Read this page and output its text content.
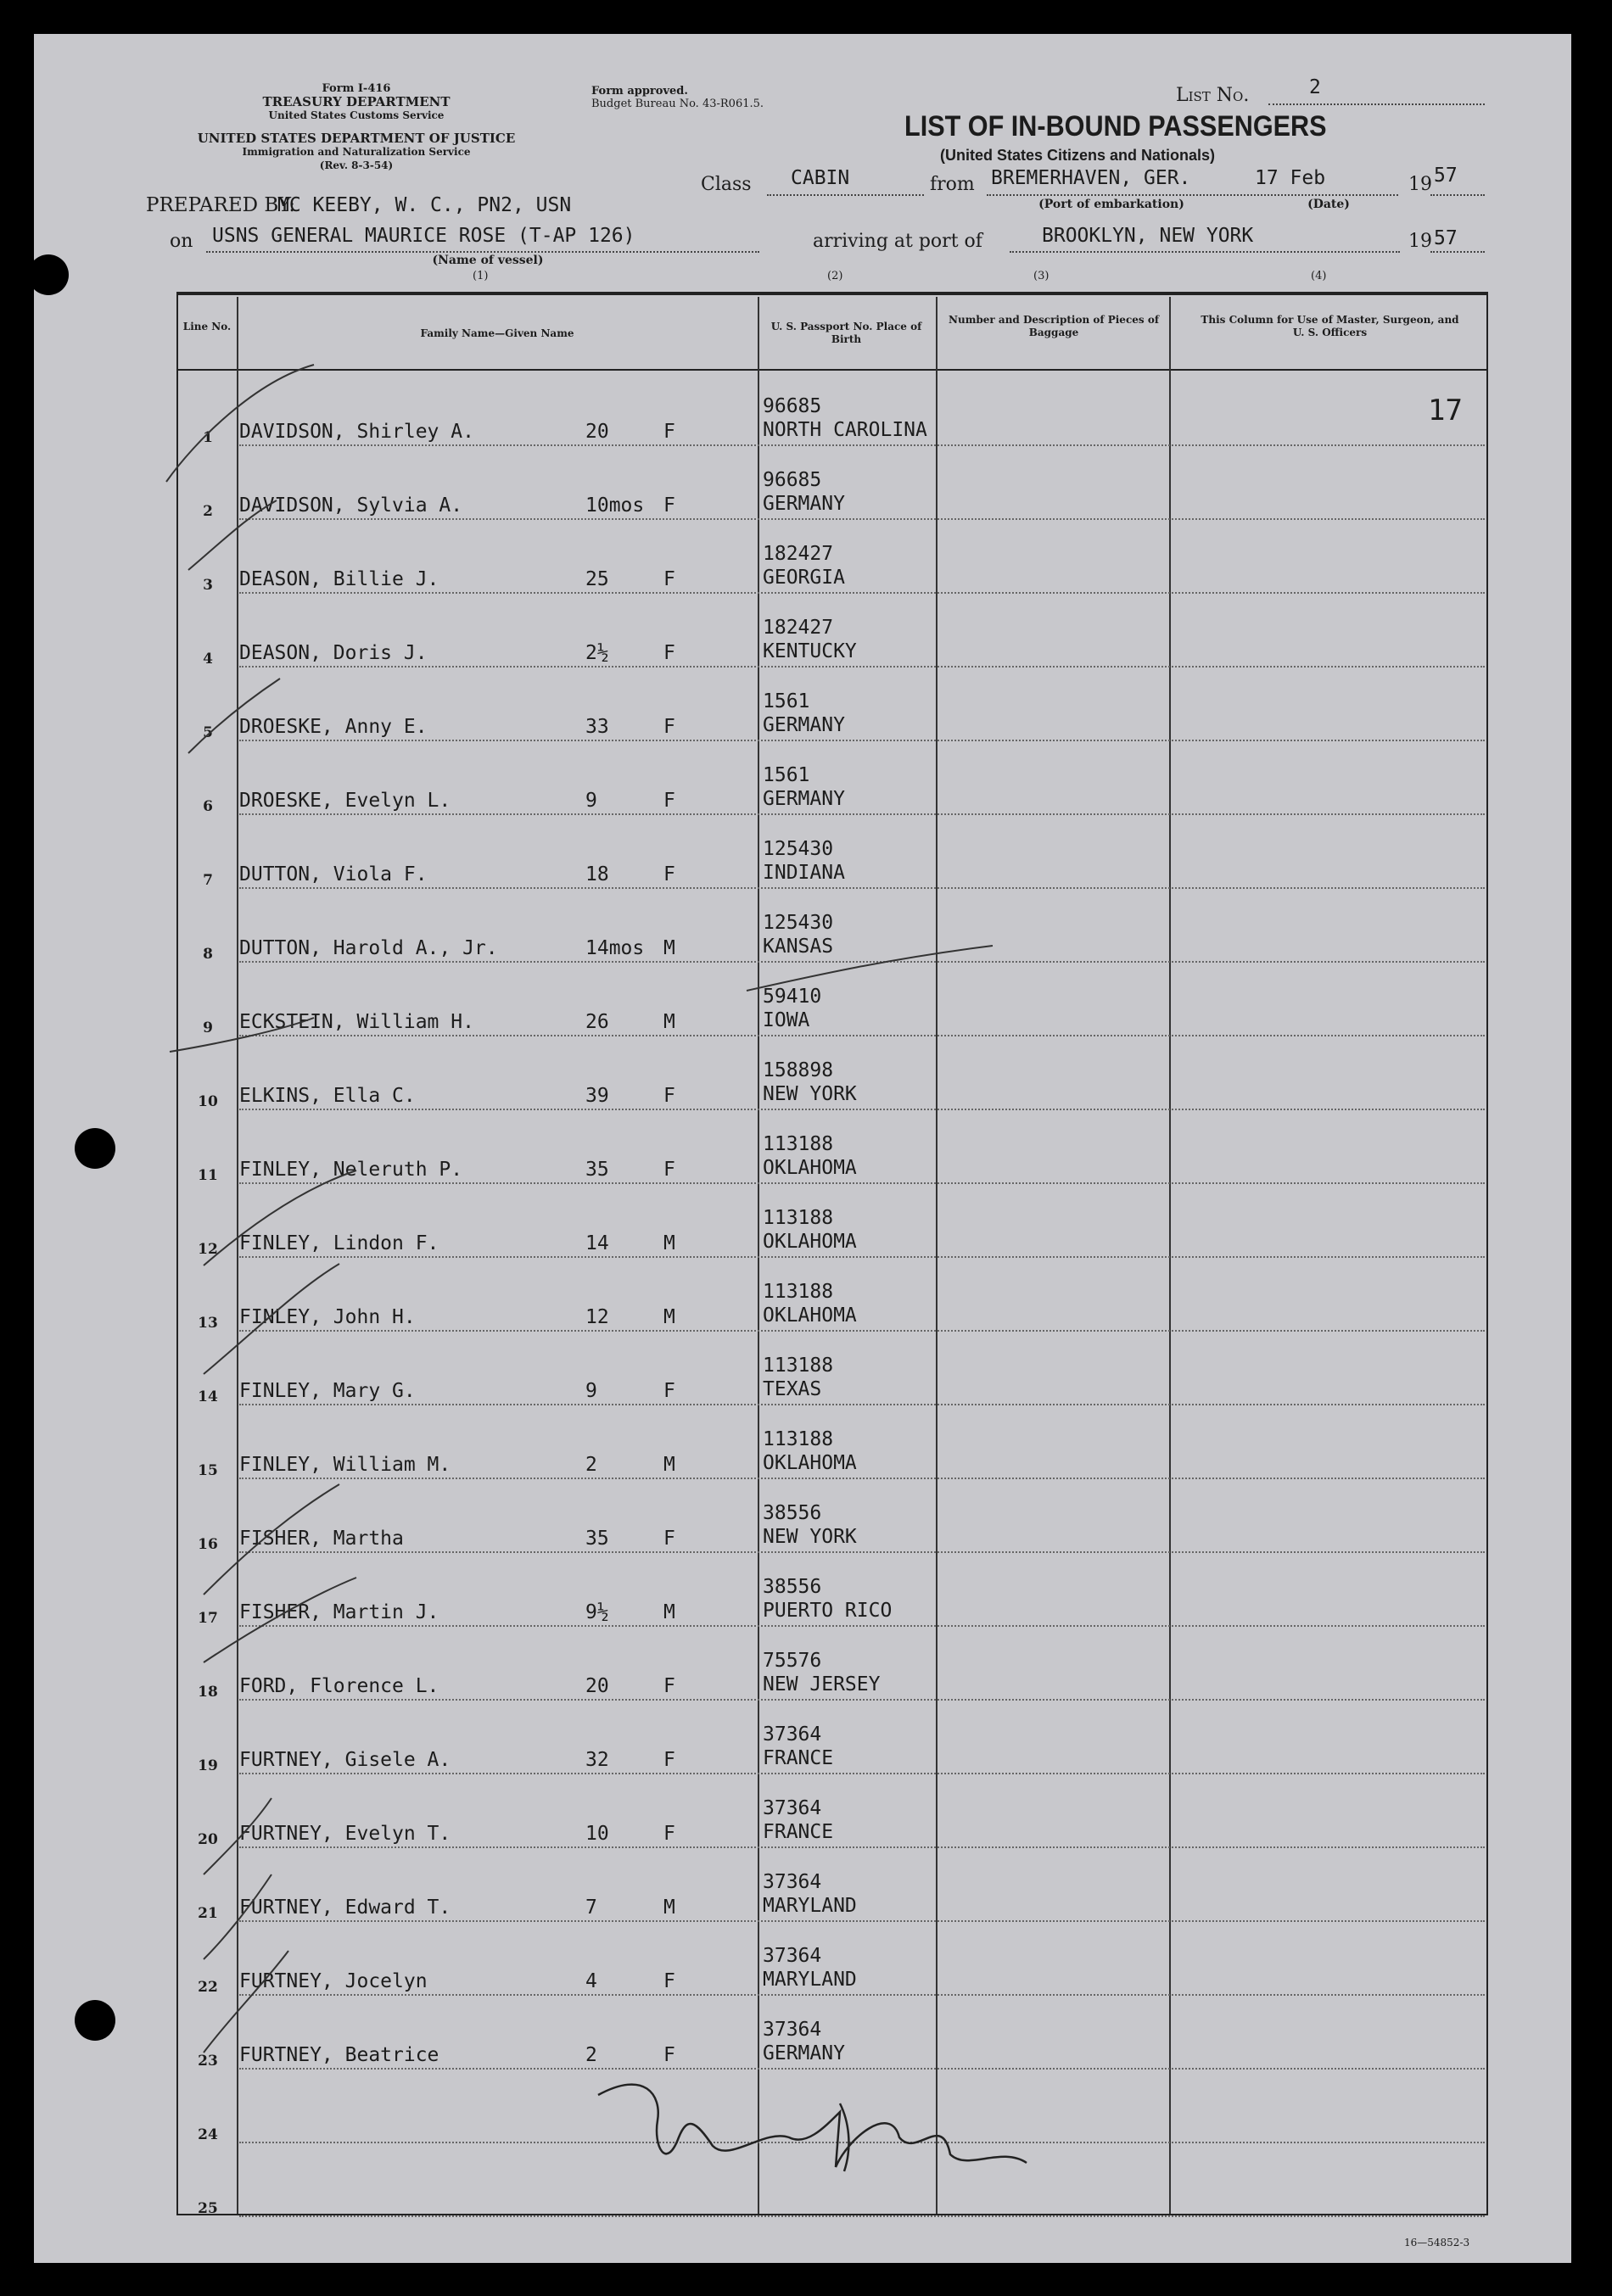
Form I-416
TREASURY DEPARTMENT
United States Customs Service
UNITED STATES DEPARTMENT OF JUSTICE
Immigration and Naturalization Service
(Rev. 8-3-54)
Form approved.
Budget Bureau No. 43-R061.5.	List No.	2
LIST OF IN-BOUND PASSENGERS
(United States Citizens and Nationals)
PREPARED BY:
MC KEEBY, W. C., PN2, USN
Class CABIN	from BREMERHAVEN, GER.	17 Feb
(Port of embarkation)	(Date)
19 57
on USNS GENERAL MAURICE ROSE (T-AP 126)
(Name of vessel)
arriving at port of	BROOKLYN, NEW YORK	19 57
(1)	(2)	(3)	(4)
Line No.
Family Name—Given Name
U. S. Passport No. Place of Birth
Number and Description of Pieces of Baggage
This Column for Use of Master, Surgeon, and U. S. Officers
17
1	DAVIDSON, Shirley A.	20	F
96685
NORTH CAROLINA
2	DAVIDSON, Sylvia A.	10mos F
96685
GERMANY
3	DEASON, Billie J.	25	F
182427
GEORGIA
4	DEASON, Doris J.	2½	F
182427
KENTUCKY
5	DROESKE, Anny E.	33	F
1561
GERMANY
6	DROESKE, Evelyn L.	9	F
1561
GERMANY
7	DUTTON, Viola F.	18	F
125430
INDIANA
8	DUTTON, Harold A., Jr.	14mos M
125430
KANSAS
9	ECKSTEIN, William H.	26	M
59410
IOWA
10	ELKINS, Ella C.	39	F
158898
NEW YORK
11	FINLEY, Neleruth P.	35	F
113188
OKLAHOMA
12	FINLEY, Lindon F.	14	M
113188
OKLAHOMA
13	FINLEY, John H.	12	M
113188
OKLAHOMA
14	FINLEY, Mary G.	9	F
113188
TEXAS
15	FINLEY, William M.	2	M
113188
OKLAHOMA
16	FISHER, Martha	35	F
38556
NEW YORK
17	FISHER, Martin J.	9½	M
38556
PUERTO RICO
18	FORD, Florence L.	20	F
75576
NEW JERSEY
19	FURTNEY, Gisele A.	32	F
37364
FRANCE
20	FURTNEY, Evelyn T.	10	F
37364
FRANCE
21	FURTNEY, Edward T.	7	M
37364
MARYLAND
22	FURTNEY, Jocelyn	4	F
37364
MARYLAND
23	FURTNEY, Beatrice	2	F
37364
GERMANY
24
25
16—54852-3
